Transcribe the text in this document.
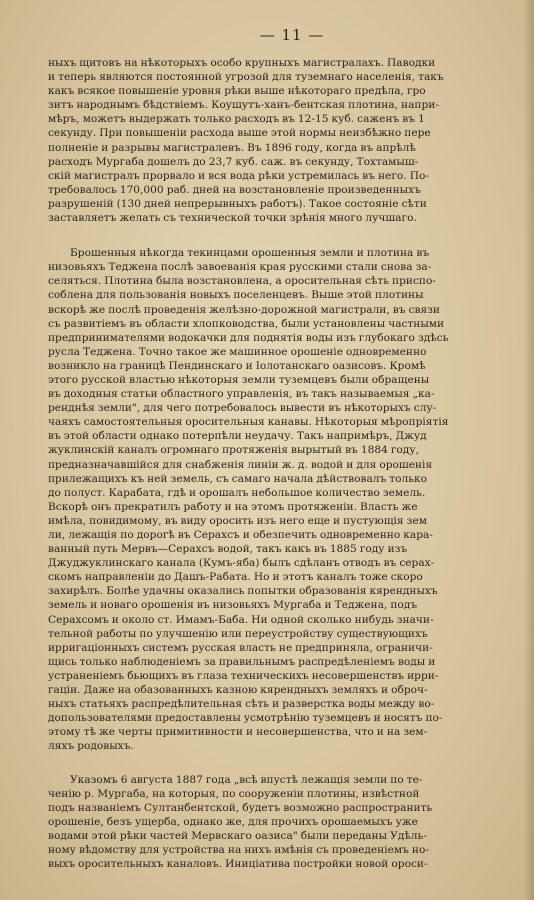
— 11 —
ныхъ щитовъ на нѣкоторыхъ особо крупныхъ магистралахъ. Паводки
и теперь являются постоянной угрозой для туземнаго населенія, такъ
какъ всякое повышеніе уровня рѣки выше нѣкотораго предѣла, гро
зитъ народнымъ бѣдствіемъ. Коушутъ-ханъ-бентская плотина, напри-
мѣръ, можетъ выдержать только расходъ въ 12-15 куб. саженъ въ 1
секунду. При повышеніи расхода выше этой нормы неизбѣжно пере
полненіе и разрывы магистралевъ. Въ 1896 году, когда въ апрѣлѣ
расходъ Мургаба дошелъ до 23,7 куб. саж. въ секунду, Тохтамыш-
скій магистралъ прорвало и вся вода рѣки устремилась въ него. По-
требовалось 170,000 раб. дней на возстановленіе произведенныхъ
разрушеній (130 дней непрерывныхъ работъ). Такое состояніе сѣти
заставляетъ желать съ технической точки зрѣнія много лучшаго.
Брошенныя нѣкогда текинцами орошенныя земли и плотина въ
низовьяхъ Теджена послѣ завоеванія края русскими стали снова за-
селяться. Плотина была возстановлена, а оросительная сѣть приспо-
соблена для пользованія новыхъ поселенцевъ. Выше этой плотины
вскорѣ же послѣ проведенія желѣзно-дорожной магистрали, въ связи
съ развитіемъ въ области хлопководства, были установлены частными
предпринимателями водокачки для поднятія воды изъ глубокаго здѣсь
русла Теджена. Точно такое же машинное орошеніе одновременно
возникло на границѣ Пендинскаго и Іолотанскаго оазисовъ. Кромѣ
этого русской властью нѣкоторыя земли туземцевъ были обращены
въ доходныя статьи областного управленія, въ такъ называемыя „ка-
ренднѣя земли", для чего потребовалось вывести въ нѣкоторыхъ слу-
чаяхъ самостоятельныя оросительныя канавы. Нѣкоторыя мѣропріятія
въ этой области однако потерпѣли неудачу. Такъ напримѣръ, Джуд
жуклинскій каналъ огромнаго протяженія вырытый въ 1884 году,
предназначавшійся для снабженія линіи ж. д. водой и для орошенія
прилежащихъ къ ней земель, съ самаго начала дѣйствовалъ только
до полуст. Карабата, гдѣ и орошалъ небольшое количество земель.
Вскорѣ онъ прекратилъ работу и на этомъ протяженіи. Власть же
имѣла, повидимому, въ виду оросить изъ него еще и пустующія зем
ли, лежащія по дорогѣ въ Серахсъ и обезпечить одновременно кара-
ванный путь Мервъ—Серахсъ водой, такъ какъ въ 1885 году изъ
Джуджуклинскаго канала (Кумъ-яба) былъ сдѣланъ отводъ въ серах-
скомъ направленіи до Дашъ-Рабата. Но и этотъ каналъ тоже скоро
захирѣлъ. Болѣе удачны оказались попытки образованія кярендныхъ
земель и новаго орошенія въ низовьяхъ Мургаба и Теджена, подъ
Серахсомъ и около ст. Имамъ-Баба. Ни одной сколько нибудь значи-
тельной работы по улучшенію или переустройству существующихъ
ирригаціонныхъ системъ русская власть не предприняла, ограничи-
щись только наблюденіемъ за правильнымъ распредѣленіемъ воды и
устраненіемъ бьющихъ въ глаза техническихъ несовершенствъ ирри-
гаціи. Даже на обазованныхъ казною кярендныхъ земляхъ и оброч-
ныхъ статьяхъ распредѣлительная сѣть и разверстка воды между во-
допользователями предоставлены усмотрѣнію туземцевъ и носятъ по-
этому тѣ же черты примитивности и несовершенства, что и на зем-
ляхъ родовыхъ.
Указомъ 6 августа 1887 года „всѣ впустѣ лежащія земли по те-
ченію р. Мургаба, на которыя, по сооруженіи плотины, извѣстной
подъ названіемъ Султанбентской, будетъ возможно распространить
орошеніе, безъ ущерба, однако же, для прочихъ орошаемыхъ уже
водами этой рѣки частей Мервскаго оазиса" были переданы Удѣль-
ному вѣдомству для устройства на нихъ имѣнія съ проведеніемъ но-
выхъ оросительныхъ каналовъ. Иниціатива постройки новой ороси-
